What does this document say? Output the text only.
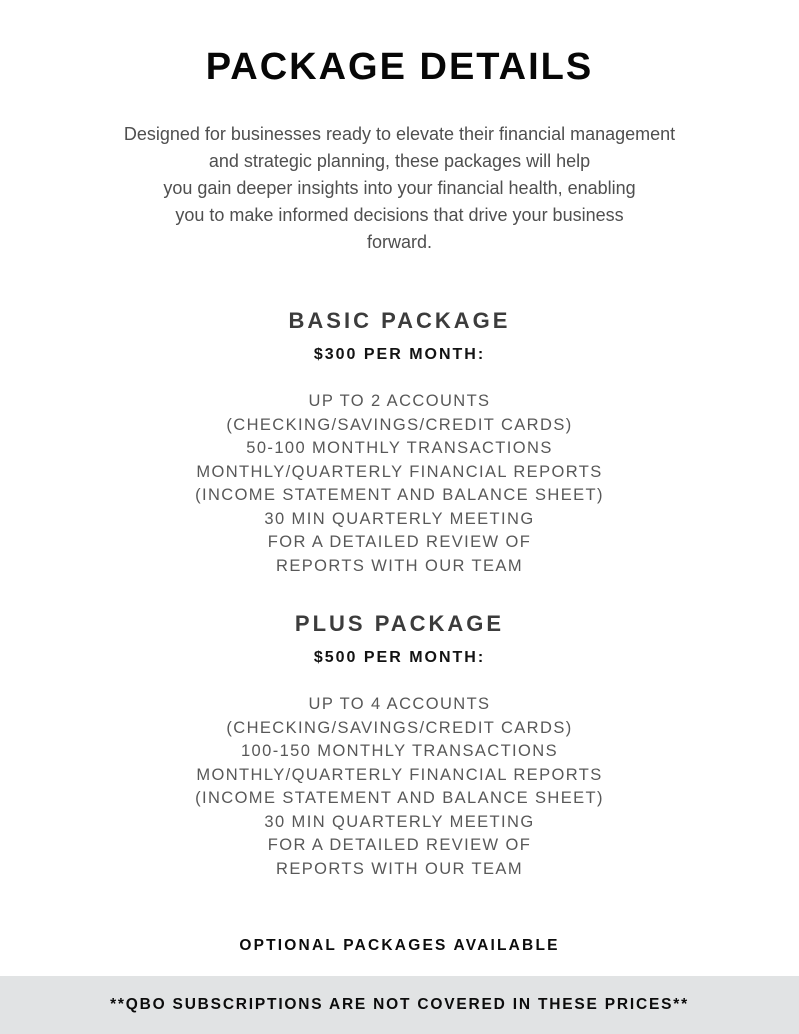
PACKAGE DETAILS
Designed for businesses ready to elevate their financial management
and strategic planning, these packages will help
you gain deeper insights into your financial health, enabling
you to make informed decisions that drive your business
forward.
BASIC PACKAGE
$300 PER MONTH:
UP TO 2 ACCOUNTS
(CHECKING/SAVINGS/CREDIT CARDS)
50-100 MONTHLY TRANSACTIONS
MONTHLY/QUARTERLY FINANCIAL REPORTS
(INCOME STATEMENT AND BALANCE SHEET)
30 MIN QUARTERLY MEETING
FOR A DETAILED REVIEW OF
REPORTS WITH OUR TEAM
PLUS PACKAGE
$500 PER MONTH:
UP TO 4 ACCOUNTS
(CHECKING/SAVINGS/CREDIT CARDS)
100-150 MONTHLY TRANSACTIONS
MONTHLY/QUARTERLY FINANCIAL REPORTS
(INCOME STATEMENT AND BALANCE SHEET)
30 MIN QUARTERLY MEETING
FOR A DETAILED REVIEW OF
REPORTS WITH OUR TEAM
OPTIONAL PACKAGES AVAILABLE
**QBO SUBSCRIPTIONS ARE NOT COVERED IN THESE PRICES**
